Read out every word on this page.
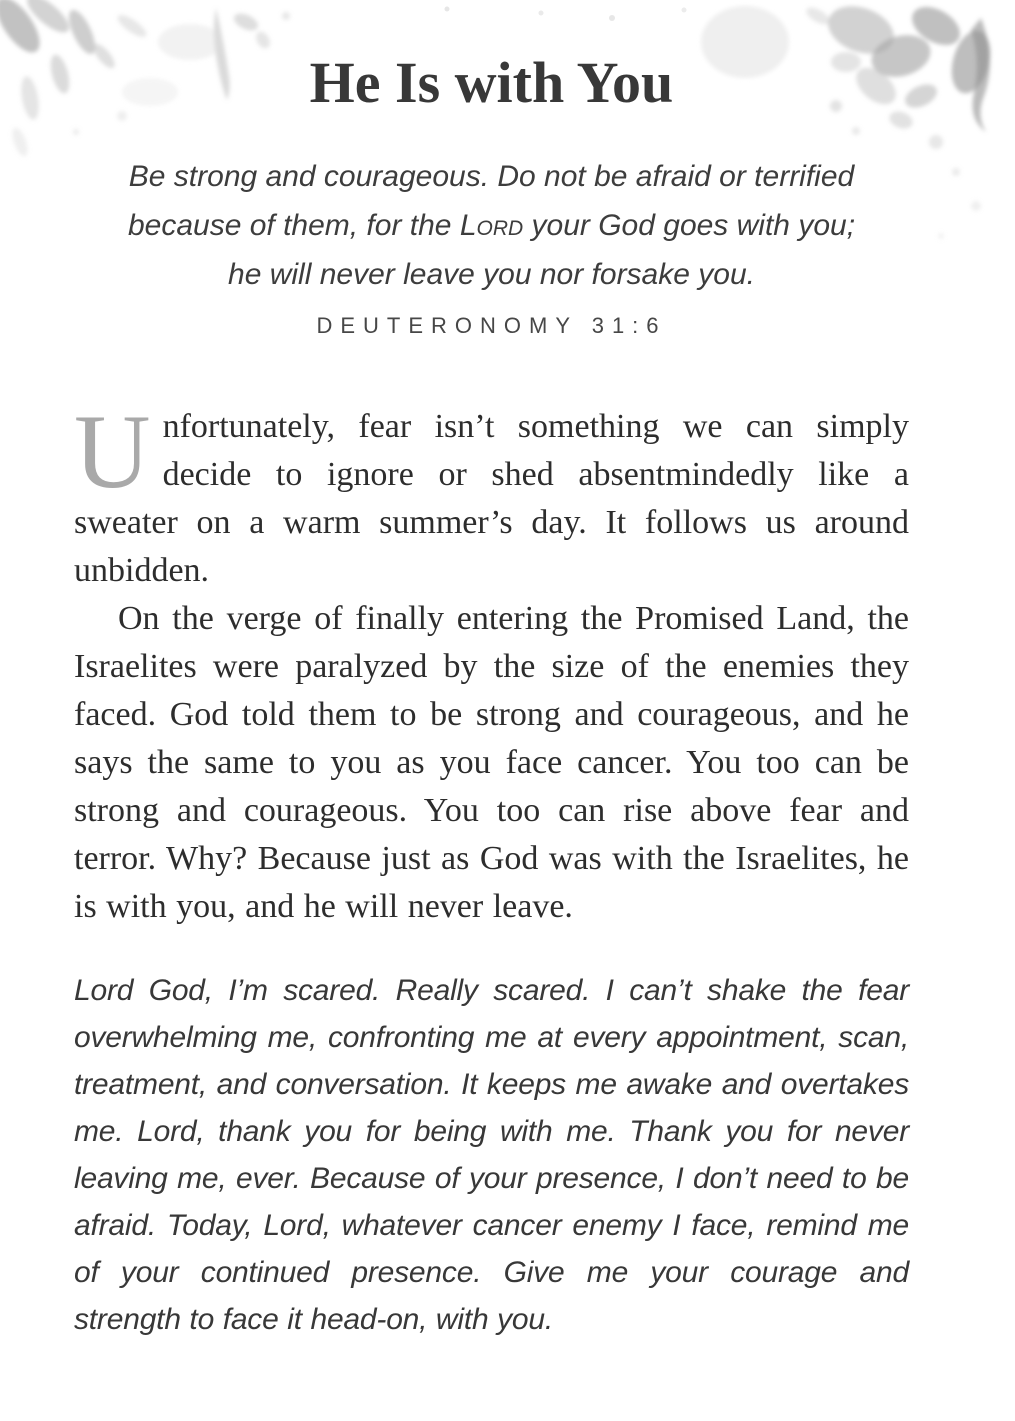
He Is with You
Be strong and courageous. Do not be afraid or terrified
because of them, for the Lord your God goes with you;
he will never leave you nor forsake you.
DEUTERONOMY 31:6

Unfortunately, fear isn’t something we can simply decide to ignore or shed absentmindedly like a sweater on a warm summer’s day. It follows us around unbidden.

On the verge of finally entering the Promised Land, the Israelites were paralyzed by the size of the enemies they faced. God told them to be strong and courageous, and he says the same to you as you face cancer. You too can be strong and courageous. You too can rise above fear and terror. Why? Because just as God was with the Israelites, he is with you, and he will never leave.

Lord God, I’m scared. Really scared. I can’t shake the fear overwhelming me, confronting me at every appointment, scan, treatment, and conversation. It keeps me awake and overtakes me. Lord, thank you for being with me. Thank you for never leaving me, ever. Because of your presence, I don’t need to be afraid. Today, Lord, whatever cancer enemy I face, remind me of your continued presence. Give me your courage and strength to face it head-on, with you.
